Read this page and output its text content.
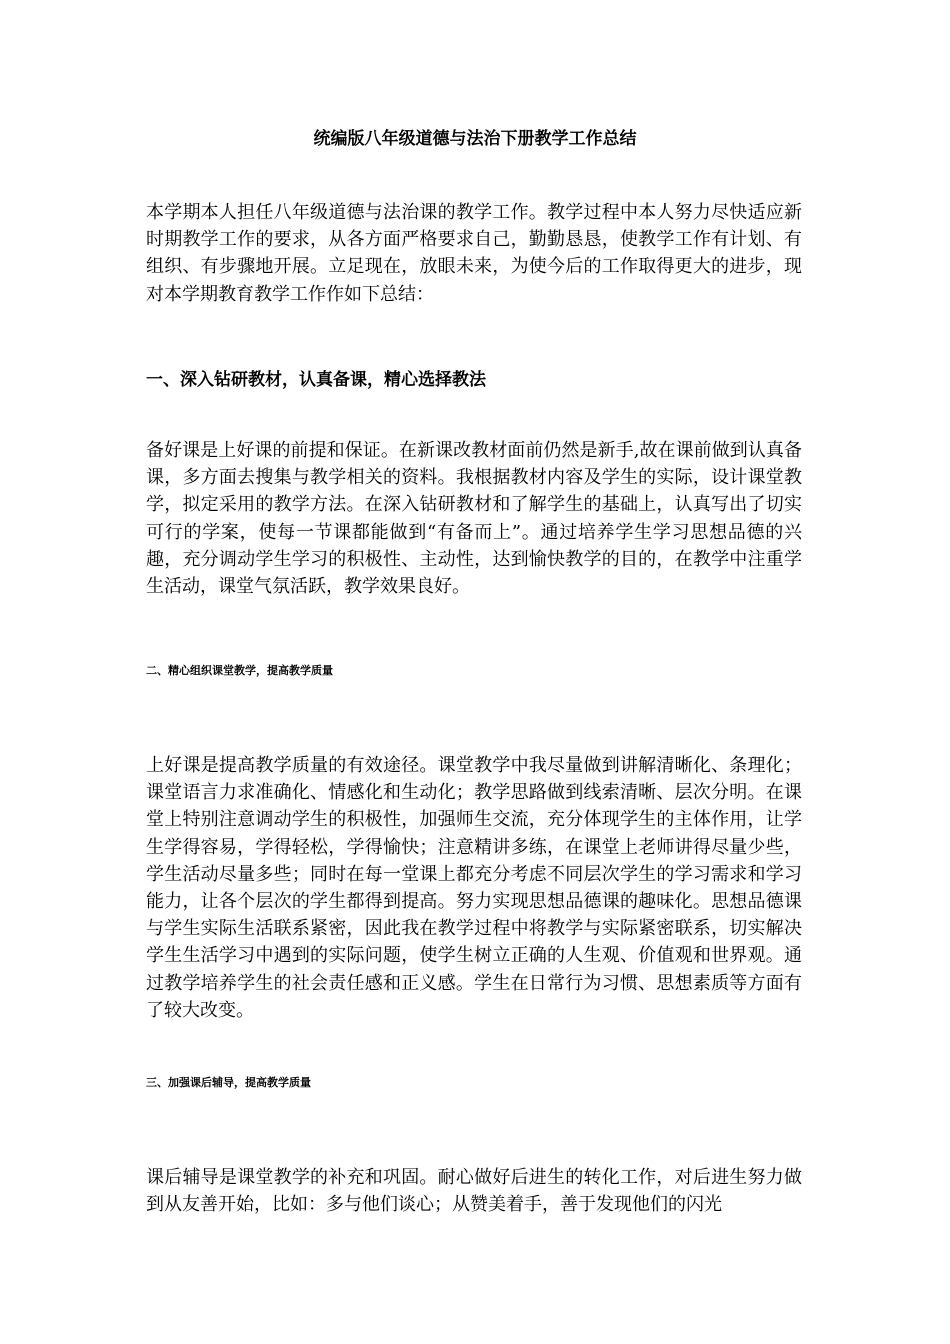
统编版八年级道德与法治下册教学工作总结

本学期本人担任八年级道德与法治课的教学工作。教学过程中本人努力尽快适应新时期教学工作的要求，从各方面严格要求自己，勤勤恳恳，使教学工作有计划、有组织、有步骤地开展。立足现在，放眼未来，为使今后的工作取得更大的进步，现对本学期教育教学工作作如下总结：

一、深入钻研教材，认真备课，精心选择教法

备好课是上好课的前提和保证。在新课改教材面前仍然是新手,故在课前做到认真备课，多方面去搜集与教学相关的资料。我根据教材内容及学生的实际，设计课堂教学，拟定采用的教学方法。在深入钻研教材和了解学生的基础上，认真写出了切实可行的学案，使每一节课都能做到“有备而上”。通过培养学生学习思想品德的兴趣，充分调动学生学习的积极性、主动性，达到愉快教学的目的，在教学中注重学生活动，课堂气氛活跃，教学效果良好。

二、精心组织课堂教学，提高教学质量

上好课是提高教学质量的有效途径。课堂教学中我尽量做到讲解清晰化、条理化；课堂语言力求准确化、情感化和生动化；教学思路做到线索清晰、层次分明。在课堂上特别注意调动学生的积极性，加强师生交流，充分体现学生的主体作用，让学生学得容易，学得轻松，学得愉快；注意精讲多练，在课堂上老师讲得尽量少些，学生活动尽量多些；同时在每一堂课上都充分考虑不同层次学生的学习需求和学习能力，让各个层次的学生都得到提高。努力实现思想品德课的趣味化。思想品德课与学生实际生活联系紧密，因此我在教学过程中将教学与实际紧密联系，切实解决学生生活学习中遇到的实际问题，使学生树立正确的人生观、价值观和世界观。通过教学培养学生的社会责任感和正义感。学生在日常行为习惯、思想素质等方面有了较大改变。

三、加强课后辅导，提高教学质量

课后辅导是课堂教学的补充和巩固。耐心做好后进生的转化工作，对后进生努力做到从友善开始，比如：多与他们谈心；从赞美着手，善于发现他们的闪光
